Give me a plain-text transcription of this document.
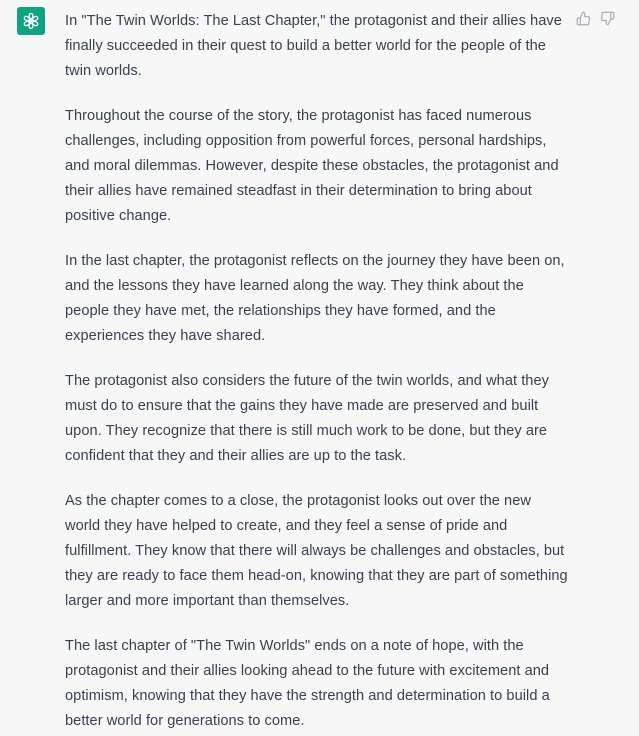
In "The Twin Worlds: The Last Chapter," the protagonist and their allies have finally succeeded in their quest to build a better world for the people of the twin worlds.

Throughout the course of the story, the protagonist has faced numerous challenges, including opposition from powerful forces, personal hardships, and moral dilemmas. However, despite these obstacles, the protagonist and their allies have remained steadfast in their determination to bring about positive change.

In the last chapter, the protagonist reflects on the journey they have been on, and the lessons they have learned along the way. They think about the people they have met, the relationships they have formed, and the experiences they have shared.

The protagonist also considers the future of the twin worlds, and what they must do to ensure that the gains they have made are preserved and built upon. They recognize that there is still much work to be done, but they are confident that they and their allies are up to the task.

As the chapter comes to a close, the protagonist looks out over the new world they have helped to create, and they feel a sense of pride and fulfillment. They know that there will always be challenges and obstacles, but they are ready to face them head-on, knowing that they are part of something larger and more important than themselves.

The last chapter of "The Twin Worlds" ends on a note of hope, with the protagonist and their allies looking ahead to the future with excitement and optimism, knowing that they have the strength and determination to build a better world for generations to come.
